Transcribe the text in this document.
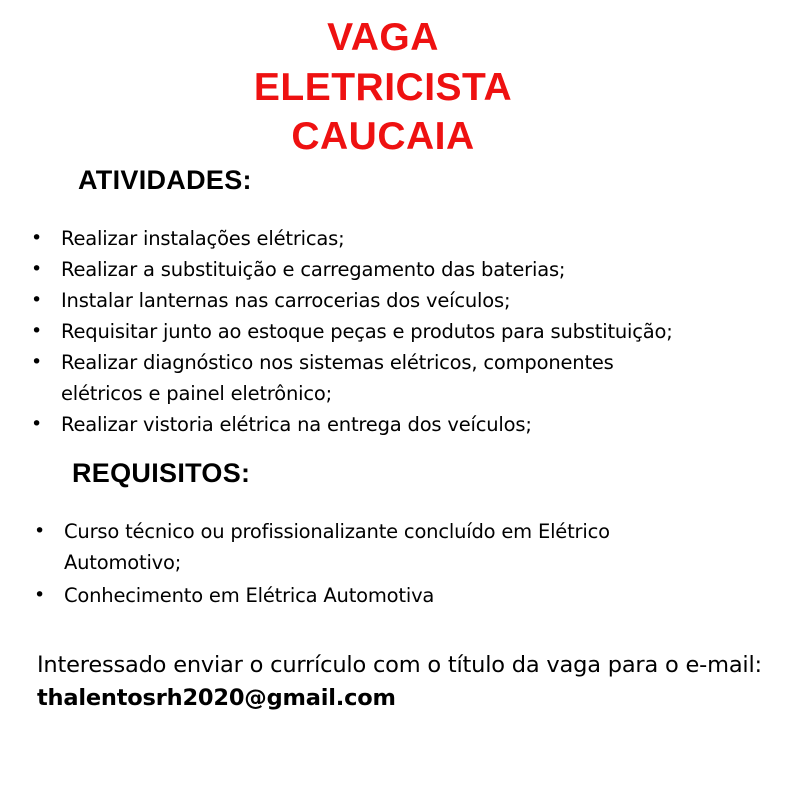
VAGA
ELETRICISTA
CAUCAIA
ATIVIDADES:
• Realizar instalações elétricas;
• Realizar a substituição e carregamento das baterias;
• Instalar lanternas nas carrocerias dos veículos;
• Requisitar junto ao estoque peças e produtos para substituição;
• Realizar diagnóstico nos sistemas elétricos, componentes
elétricos e painel eletrônico;
• Realizar vistoria elétrica na entrega dos veículos;
REQUISITOS:
• Curso técnico ou profissionalizante concluído em Elétrico
Automotivo;
• Conhecimento em Elétrica Automotiva
Interessado enviar o currículo com o título da vaga para o e-mail: thalentosrh2020@gmail.com
